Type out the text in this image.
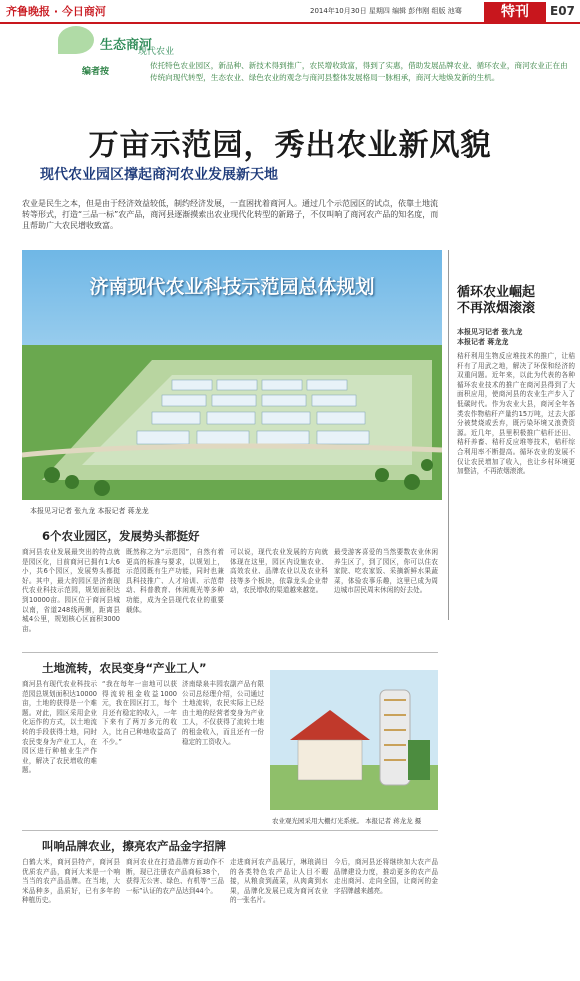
齐鲁晚报 · 今日商河	2014年10月30日 星期四 编辑 彭伟刚 组版 池骞	特刊	E07
生态商河
现代农业
编者按
依托特色农业园区，新品种、新技术得到推广，农民增收致富，得到了实惠，借助发展品牌农业、循环农业，商河农业正在由传统向现代转型，生态农业、绿色农业的观念与商河县整体发展格局一脉相承，商河大地焕发新的生机。
万亩示范园，秀出农业新风貌
现代农业园区撑起商河农业发展新天地
农业是民生之本，但是由于经济效益较低，制约经济发展，一直困扰着商河人。通过几个示范园区的试点，依靠土地流转等形式，打造“三品一标”农产品，商河县逐渐摸索出农业现代化转型的新路子，不仅叫响了商河农产品的知名度，而且帮助广大农民增收致富。
济南现代农业科技示范园总体规划
本报见习记者 张九龙 本报记者 蒋龙龙
循环农业崛起
不再浓烟滚滚
本报见习记者 张九龙
本报记者 蒋龙龙
秸秆利用生物反应堆技术的推广，让秸秆有了用武之地，解决了环保和经济的双重问题。近年来，以此为代表的各种循环农业技术的推广在商河县得到了大面积应用，使商河县的农业生产步入了低碳时代。作为农业大县，商河全年各类农作物秸秆产量约15万吨，过去大部分被焚烧或丢弃，既污染环境又浪费资源。近几年，县里积极推广秸秆还田、秸秆养畜、秸秆反应堆等技术，秸秆综合利用率不断提高。循环农业的发展不仅让农民增加了收入，也让乡村环境更加整洁，不再浓烟滚滚。
6个农业园区，发展势头都挺好
商河县农业发展最突出的特点就是园区化，目前商河已拥有1大6小，共6个园区，发展势头都挺好。其中，最大的园区是济南现代农业科技示范园，规划面积达到10000亩。园区位于商河县城以南，省道248线两侧，距离县城4公里，规划核心区面积3000亩。
既然称之为“示范园”，自然有着更高的标准与要求，以规划上，示范园既有生产功能，同时也兼具科技推广、人才培训、示范带动、科普教育、休闲观光等多种功能，成为全县现代农业的重要载体。
可以说，现代农业发展的方向就体现在这里，园区内设施农业、高效农业、品牌农业以及农业科技等多个板块，依靠龙头企业带动，农民增收的渠道越来越宽。
最受游客喜爱的当然要数农业休闲养生区了，到了园区，你可以住农家院、吃农家饭、采摘新鲜水果蔬菜，体验农事乐趣，这里已成为周边城市居民周末休闲的好去处。
土地流转，农民变身“产业工人”
商河县有现代农业科技示范园总规划面积达10000亩，土地的获得是一个难题。对此，园区采用企业化运作的方式，以土地流转的手段获得土地，同时农民变身为产业工人，在园区进行种植业生产作业，解决了农民增收的难题。
“我在每年一亩地可以获得流转租金收益1000元，我在园区打工，每个月还有稳定的收入，一年下来有了两万多元的收入，比自己种地收益高了不少。”
济南绿泉丰园农副产品有限公司总经理介绍，公司通过土地流转，农民实际上已经由土地的经营者变身为产业工人，不仅获得了流转土地的租金收入，而且还有一份稳定的工资收入。
农业观光园采用大棚灯光系统。 本报记者 蒋龙龙 摄
叫响品牌农业，擦亮农产品金字招牌
白鹤大米，商河县特产，商河县优质农产品，商河大米是一个响当当的农产品品牌。在当地，大米品种多，品质好，已有多年的种植历史。
商河农业在打造品牌方面动作不断，现已注册农产品商标38个，获得无公害、绿色、有机等“三品一标”认证的农产品达到44个。
走进商河农产品展厅，琳琅满目的各类特色农产品让人目不暇接，从粮食到蔬菜，从肉禽到水果，品牌化发展已成为商河农业的一张名片。
今后，商河县还将继续加大农产品品牌建设力度，推动更多的农产品走出商河、走向全国，让商河的金字招牌越来越亮。
